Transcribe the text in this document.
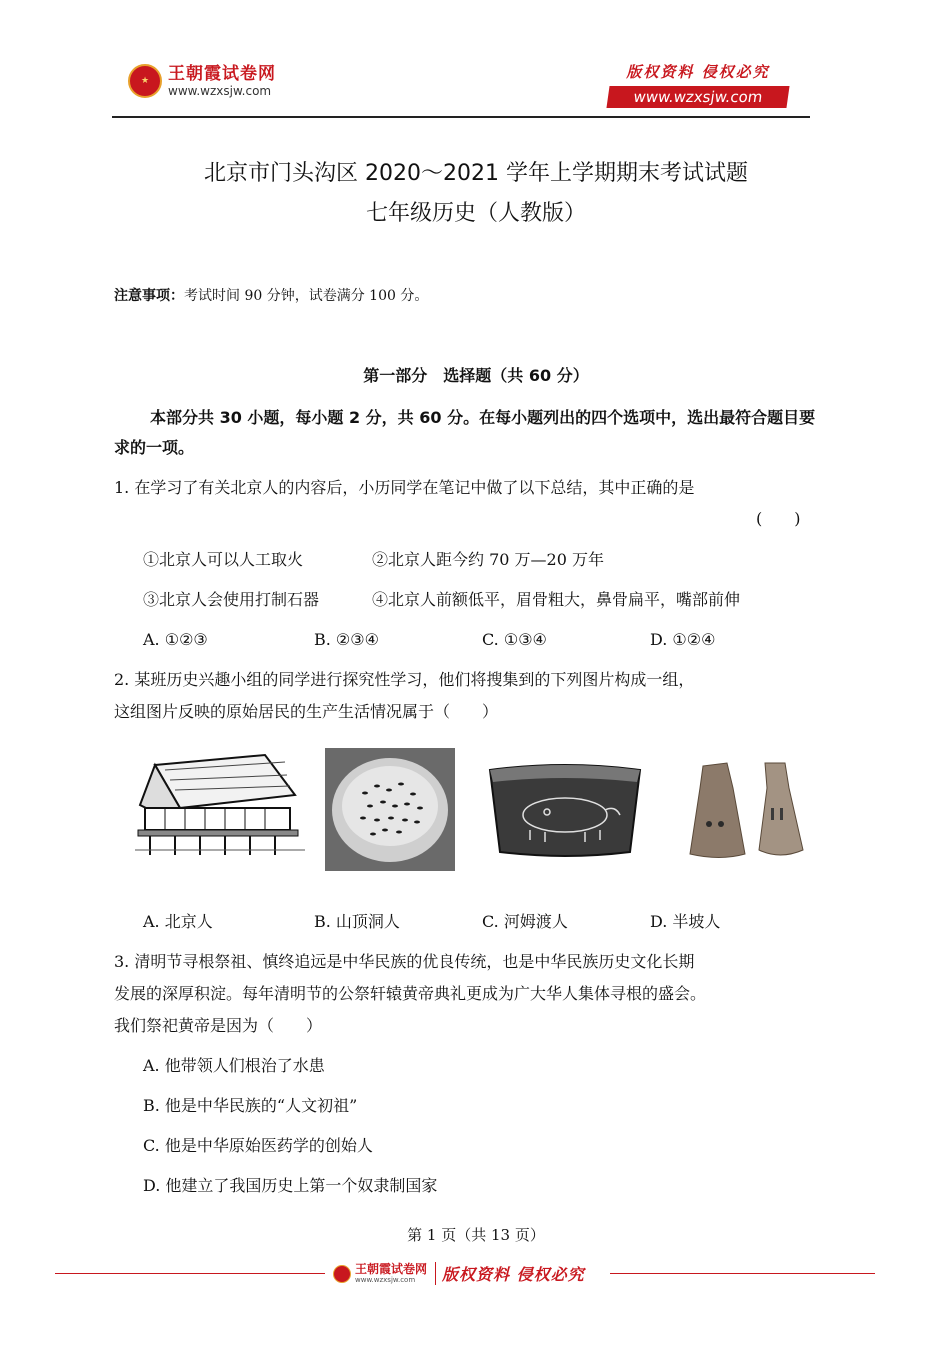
★	王朝霞试卷网
www.wzxsjw.com
版权资料 侵权必究
www.wzxsjw.com
北京市门头沟区 2020～2021 学年上学期期末考试试题
七年级历史（人教版）
注意事项：考试时间 90 分钟，试卷满分 100 分。
第一部分　选择题（共 60 分）
本部分共 30 小题，每小题 2 分，共 60 分。在每小题列出的四个选项中，选出最符合题目要求的一项。
1. 在学习了有关北京人的内容后，小历同学在笔记中做了以下总结，其中正确的是
(　　)
①北京人可以人工取火	②北京人距今约 70 万—20 万年
③北京人会使用打制石器	④北京人前额低平，眉骨粗大，鼻骨扁平，嘴部前伸
A. ①②③	B. ②③④	C. ①③④	D. ①②④
2. 某班历史兴趣小组的同学进行探究性学习，他们将搜集到的下列图片构成一组，
这组图片反映的原始居民的生产生活情况属于（　　）
A. 北京人	B. 山顶洞人	C. 河姆渡人	D. 半坡人
3. 清明节寻根祭祖、慎终追远是中华民族的优良传统，也是中华民族历史文化长期
发展的深厚积淀。每年清明节的公祭轩辕黄帝典礼更成为广大华人集体寻根的盛会。
我们祭祀黄帝是因为（　　）
A. 他带领人们根治了水患
B. 他是中华民族的“人文初祖”
C. 他是中华原始医药学的创始人
D. 他建立了我国历史上第一个奴隶制国家
第 1 页（共 13 页）
王朝霞试卷网
www.wzxsjw.com	版权资料 侵权必究
